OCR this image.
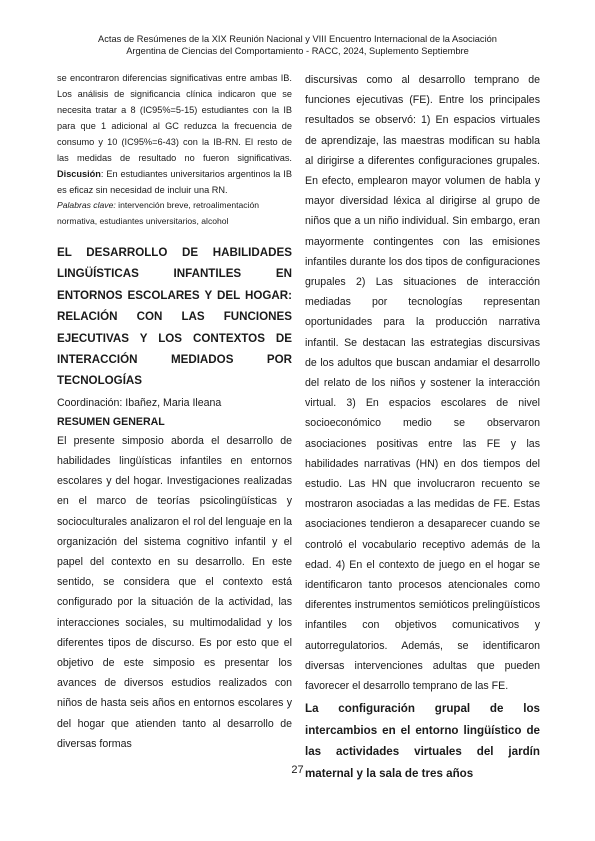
Actas de Resúmenes de la XIX Reunión Nacional y VIII Encuentro Internacional de la Asociación
Argentina de Ciencias del Comportamiento - RACC, 2024, Suplemento Septiembre

se encontraron diferencias significativas entre ambas IB. Los análisis de significancia clínica indicaron que se necesita tratar a 8 (IC95%=5-15) estudiantes con la IB para que 1 adicional al GC reduzca la frecuencia de consumo y 10 (IC95%=6-43) con la IB-RN. El resto de las medidas de resultado no fueron significativas. Discusión: En estudiantes universitarios argentinos la IB es eficaz sin necesidad de incluir una RN.

Palabras clave: intervención breve, retroalimentación normativa, estudiantes universitarios, alcohol

EL DESARROLLO DE HABILIDADES LINGÜÍSTICAS INFANTILES EN ENTORNOS ESCOLARES Y DEL HOGAR: RELACIÓN CON LAS FUNCIONES EJECUTIVAS Y LOS CONTEXTOS DE INTERACCIÓN MEDIADOS POR TECNOLOGÍAS
Coordinación: Ibañez, Maria Ileana
RESUMEN GENERAL

El presente simposio aborda el desarrollo de habilidades lingüísticas infantiles en entornos escolares y del hogar. Investigaciones realizadas en el marco de teorías psicolingüísticas y socioculturales analizaron el rol del lenguaje en la organización del sistema cognitivo infantil y el papel del contexto en su desarrollo. En este sentido, se considera que el contexto está configurado por la situación de la actividad, las interacciones sociales, su multimodalidad y los diferentes tipos de discurso. Es por esto que el objetivo de este simposio es presentar los avances de diversos estudios realizados con niños de hasta seis años en entornos escolares y del hogar que atienden tanto al desarrollo de diversas formas

discursivas como al desarrollo temprano de funciones ejecutivas (FE). Entre los principales resultados se observó: 1) En espacios virtuales de aprendizaje, las maestras modifican su habla al dirigirse a diferentes configuraciones grupales. En efecto, emplearon mayor volumen de habla y mayor diversidad léxica al dirigirse al grupo de niños que a un niño individual. Sin embargo, eran mayormente contingentes con las emisiones infantiles durante los dos tipos de configuraciones grupales 2) Las situaciones de interacción mediadas por tecnologías representan oportunidades para la producción narrativa infantil. Se destacan las estrategias discursivas de los adultos que buscan andamiar el desarrollo del relato de los niños y sostener la interacción virtual. 3) En espacios escolares de nivel socioeconómico medio se observaron asociaciones positivas entre las FE y las habilidades narrativas (HN) en dos tiempos del estudio. Las HN que involucraron recuento se mostraron asociadas a las medidas de FE. Estas asociaciones tendieron a desaparecer cuando se controló el vocabulario receptivo además de la edad. 4) En el contexto de juego en el hogar se identificaron tanto procesos atencionales como diferentes instrumentos semióticos prelingüísticos infantiles con objetivos comunicativos y autorregulatorios. Además, se identificaron diversas intervenciones adultas que pueden favorecer el desarrollo temprano de las FE.

La configuración grupal de los intercambios en el entorno lingüístico de las actividades virtuales del jardín maternal y la sala de tres años
27
